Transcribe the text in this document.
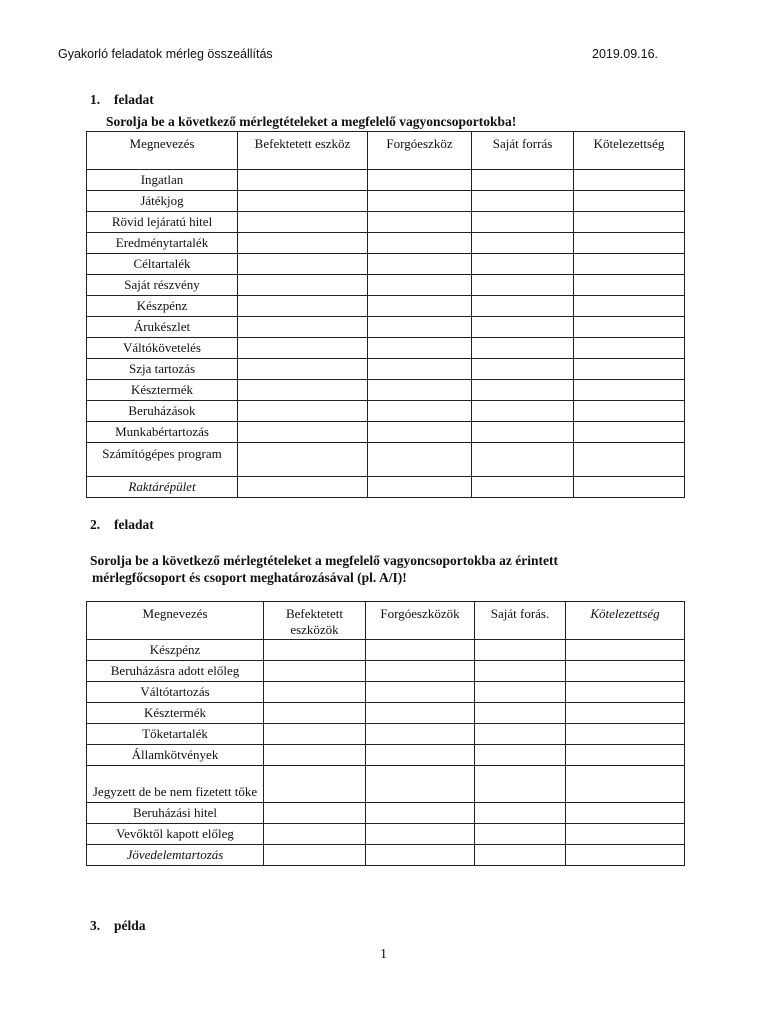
Gyakorló feladatok mérleg összeállítás	2019.09.16.
1. feladat
Sorolja be a következő mérlegtételeket a megfelelő vagyoncsoportokba!
Megnevezés	Befektetett eszköz	Forgóeszköz	Saját forrás	Kötelezettség
Ingatlan				
Játékjog				
Rövid lejáratú hitel				
Eredménytartalék				
Céltartalék				
Saját részvény				
Készpénz				
Árukészlet				
Váltókövetelés				
Szja tartozás				
Késztermék				
Beruházások				
Munkabértartozás				
Számítógépes program				
Raktárépület				
2. feladat
Sorolja be a következő mérlegtételeket a megfelelő vagyoncsoportokba az érintett
mérlegfőcsoport és csoport meghatározásával (pl. A/I)!
Megnevezés	Befektetett eszközök	Forgóeszközök	Saját forás.	Kötelezettség
Készpénz				
Beruházásra adott előleg				
Váltótartozás				
Késztermék				
Tőketartalék				
Államkötvények				
Jegyzett de be nem fizetett tőke				
Beruházási hitel				
Vevőktől kapott előleg				
Jövedelemtartozás				
3. példa
1
